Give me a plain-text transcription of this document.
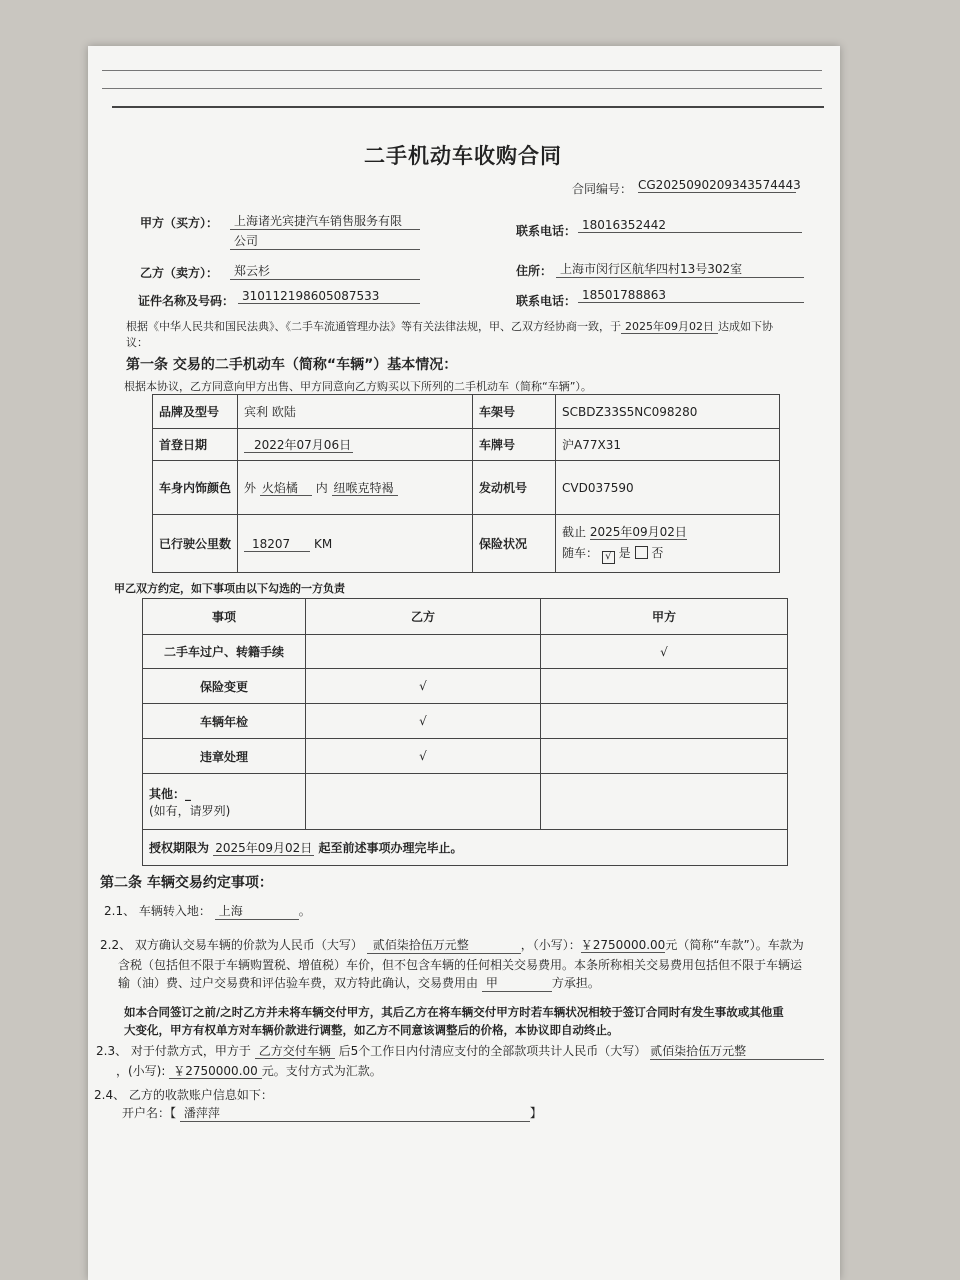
二手机动车收购合同
合同编号： CG2025090209343574443
甲方（买方）：	上海诸光宾捷汽车销售服务有限
公司
联系电话： 18016352442
乙方（卖方）：	郑云杉	住所： 上海市闵行区航华四村13号302室
证件名称及号码： 310112198605087533	联系电话： 18501788863
根据《中华人民共和国民法典》、《二手车流通管理办法》等有关法律法规，甲、乙双方经协商一致，于 2025年09月02日 达成如下协
议：
第一条 交易的二手机动车（简称“车辆”）基本情况：
根据本协议，乙方同意向甲方出售、甲方同意向乙方购买以下所列的二手机动车（简称“车辆”）。
品牌及型号	宾利 欧陆	车架号	SCBDZ33S5NC098280
首登日期	2022年07月06日	车牌号	沪A77X31
车身内饰颜色	外 火焰橘 内 纽喉克特褐	发动机号	CVD037590
已行驶公里数	18207 KM	保险状况	截止 2025年09月02日
随车： √ 是 否
甲乙双方约定，如下事项由以下勾选的一方负责
事项	乙方	甲方
二手车过户、转籍手续		√
保险变更	√	
车辆年检	√	
违章处理	√	

其他：_
(如有，请罗列)		

授权期限为 2025年09月02日 起至前述事项办理完毕止。		
第二条 车辆交易约定事项：
2.1、 车辆转入地： 上海	。
2.2、 双方确认交易车辆的价款为人民币（大写） 贰佰柒拾伍万元整	，（小写）：￥2750000.00元（简称“车款”）。车款为
含税（包括但不限于车辆购置税、增值税）车价，但不包含车辆的任何相关交易费用。本条所称相关交易费用包括但不限于车辆运
输（油）费、过户交易费和评估验车费，双方特此确认，交易费用由 甲	方承担。
如本合同签订之前/之时乙方并未将车辆交付甲方，其后乙方在将车辆交付甲方时若车辆状况相较于签订合同时有发生事故或其他重
大变化，甲方有权单方对车辆价款进行调整，如乙方不同意该调整后的价格，本协议即自动终止。
2.3、 对于付款方式，甲方于 乙方交付车辆 后5个工作日内付清应支付的全部款项共计人民币（大写） 贰佰柒拾伍万元整
，(小写): ￥2750000.00 元。支付方式为汇款。
2.4、 乙方的收款账户信息如下：
开户名：【 潘萍萍	】
